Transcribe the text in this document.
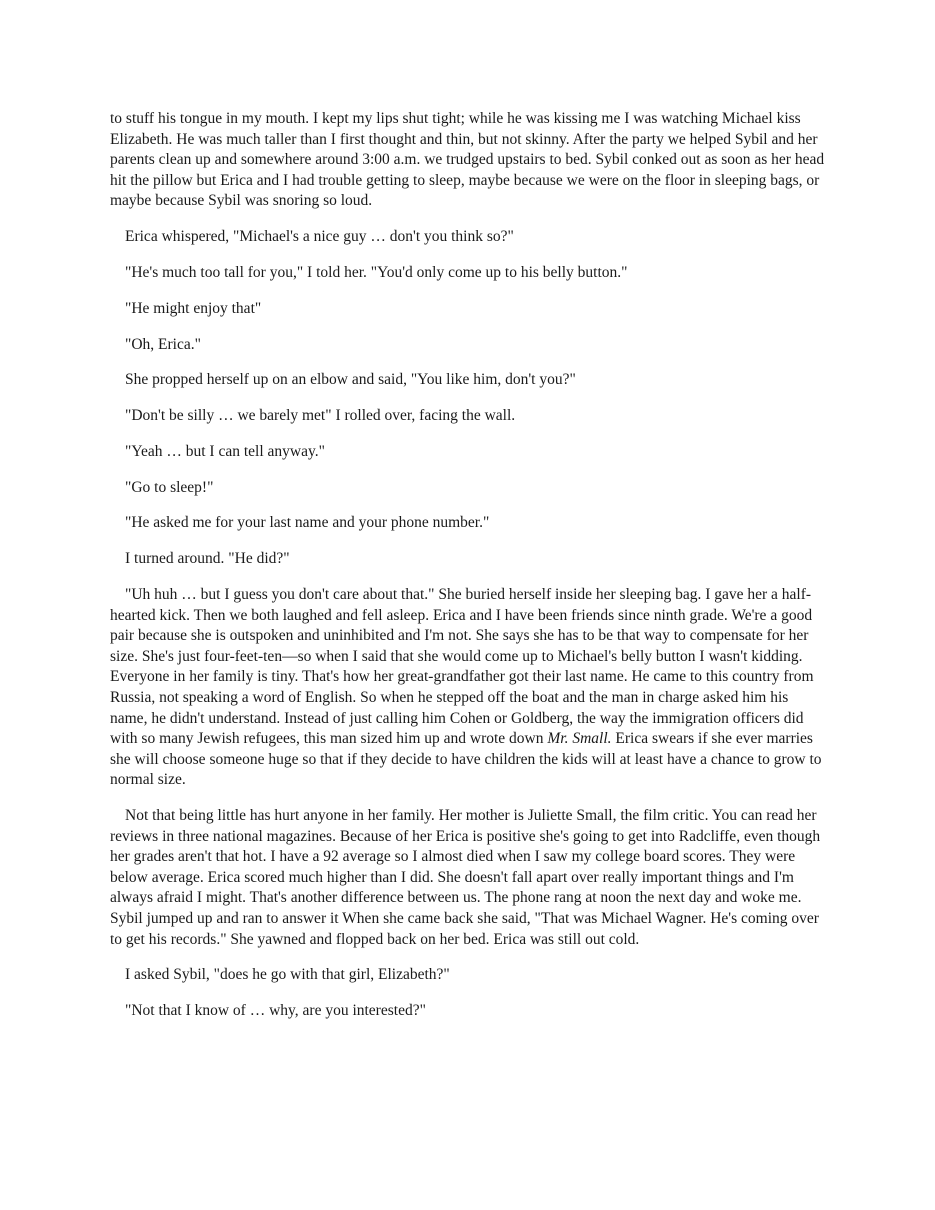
to stuff his tongue in my mouth. I kept my lips shut tight; while he was kissing me I was watching Michael kiss Elizabeth. He was much taller than I first thought and thin, but not skinny. After the party we helped Sybil and her parents clean up and somewhere around 3:00 a.m. we trudged upstairs to bed. Sybil conked out as soon as her head hit the pillow but Erica and I had trouble getting to sleep, maybe because we were on the floor in sleeping bags, or maybe because Sybil was snoring so loud.

Erica whispered, "Michael's a nice guy … don't you think so?"

"He's much too tall for you," I told her. "You'd only come up to his belly button."

"He might enjoy that"

"Oh, Erica."

She propped herself up on an elbow and said, "You like him, don't you?"

"Don't be silly … we barely met" I rolled over, facing the wall.

"Yeah … but I can tell anyway."

"Go to sleep!"

"He asked me for your last name and your phone number."

I turned around. "He did?"

"Uh huh … but I guess you don't care about that." She buried herself inside her sleeping bag. I gave her a half-hearted kick. Then we both laughed and fell asleep. Erica and I have been friends since ninth grade. We're a good pair because she is outspoken and uninhibited and I'm not. She says she has to be that way to compensate for her size. She's just four-feet-ten—so when I said that she would come up to Michael's belly button I wasn't kidding. Everyone in her family is tiny. That's how her great-grandfather got their last name. He came to this country from Russia, not speaking a word of English. So when he stepped off the boat and the man in charge asked him his name, he didn't understand. Instead of just calling him Cohen or Goldberg, the way the immigration officers did with so many Jewish refugees, this man sized him up and wrote down Mr. Small. Erica swears if she ever marries she will choose someone huge so that if they decide to have children the kids will at least have a chance to grow to normal size.

Not that being little has hurt anyone in her family. Her mother is Juliette Small, the film critic. You can read her reviews in three national magazines. Because of her Erica is positive she's going to get into Radcliffe, even though her grades aren't that hot. I have a 92 average so I almost died when I saw my college board scores. They were below average. Erica scored much higher than I did. She doesn't fall apart over really important things and I'm always afraid I might. That's another difference between us. The phone rang at noon the next day and woke me. Sybil jumped up and ran to answer it When she came back she said, "That was Michael Wagner. He's coming over to get his records." She yawned and flopped back on her bed. Erica was still out cold.

I asked Sybil, "does he go with that girl, Elizabeth?"

"Not that I know of … why, are you interested?"
